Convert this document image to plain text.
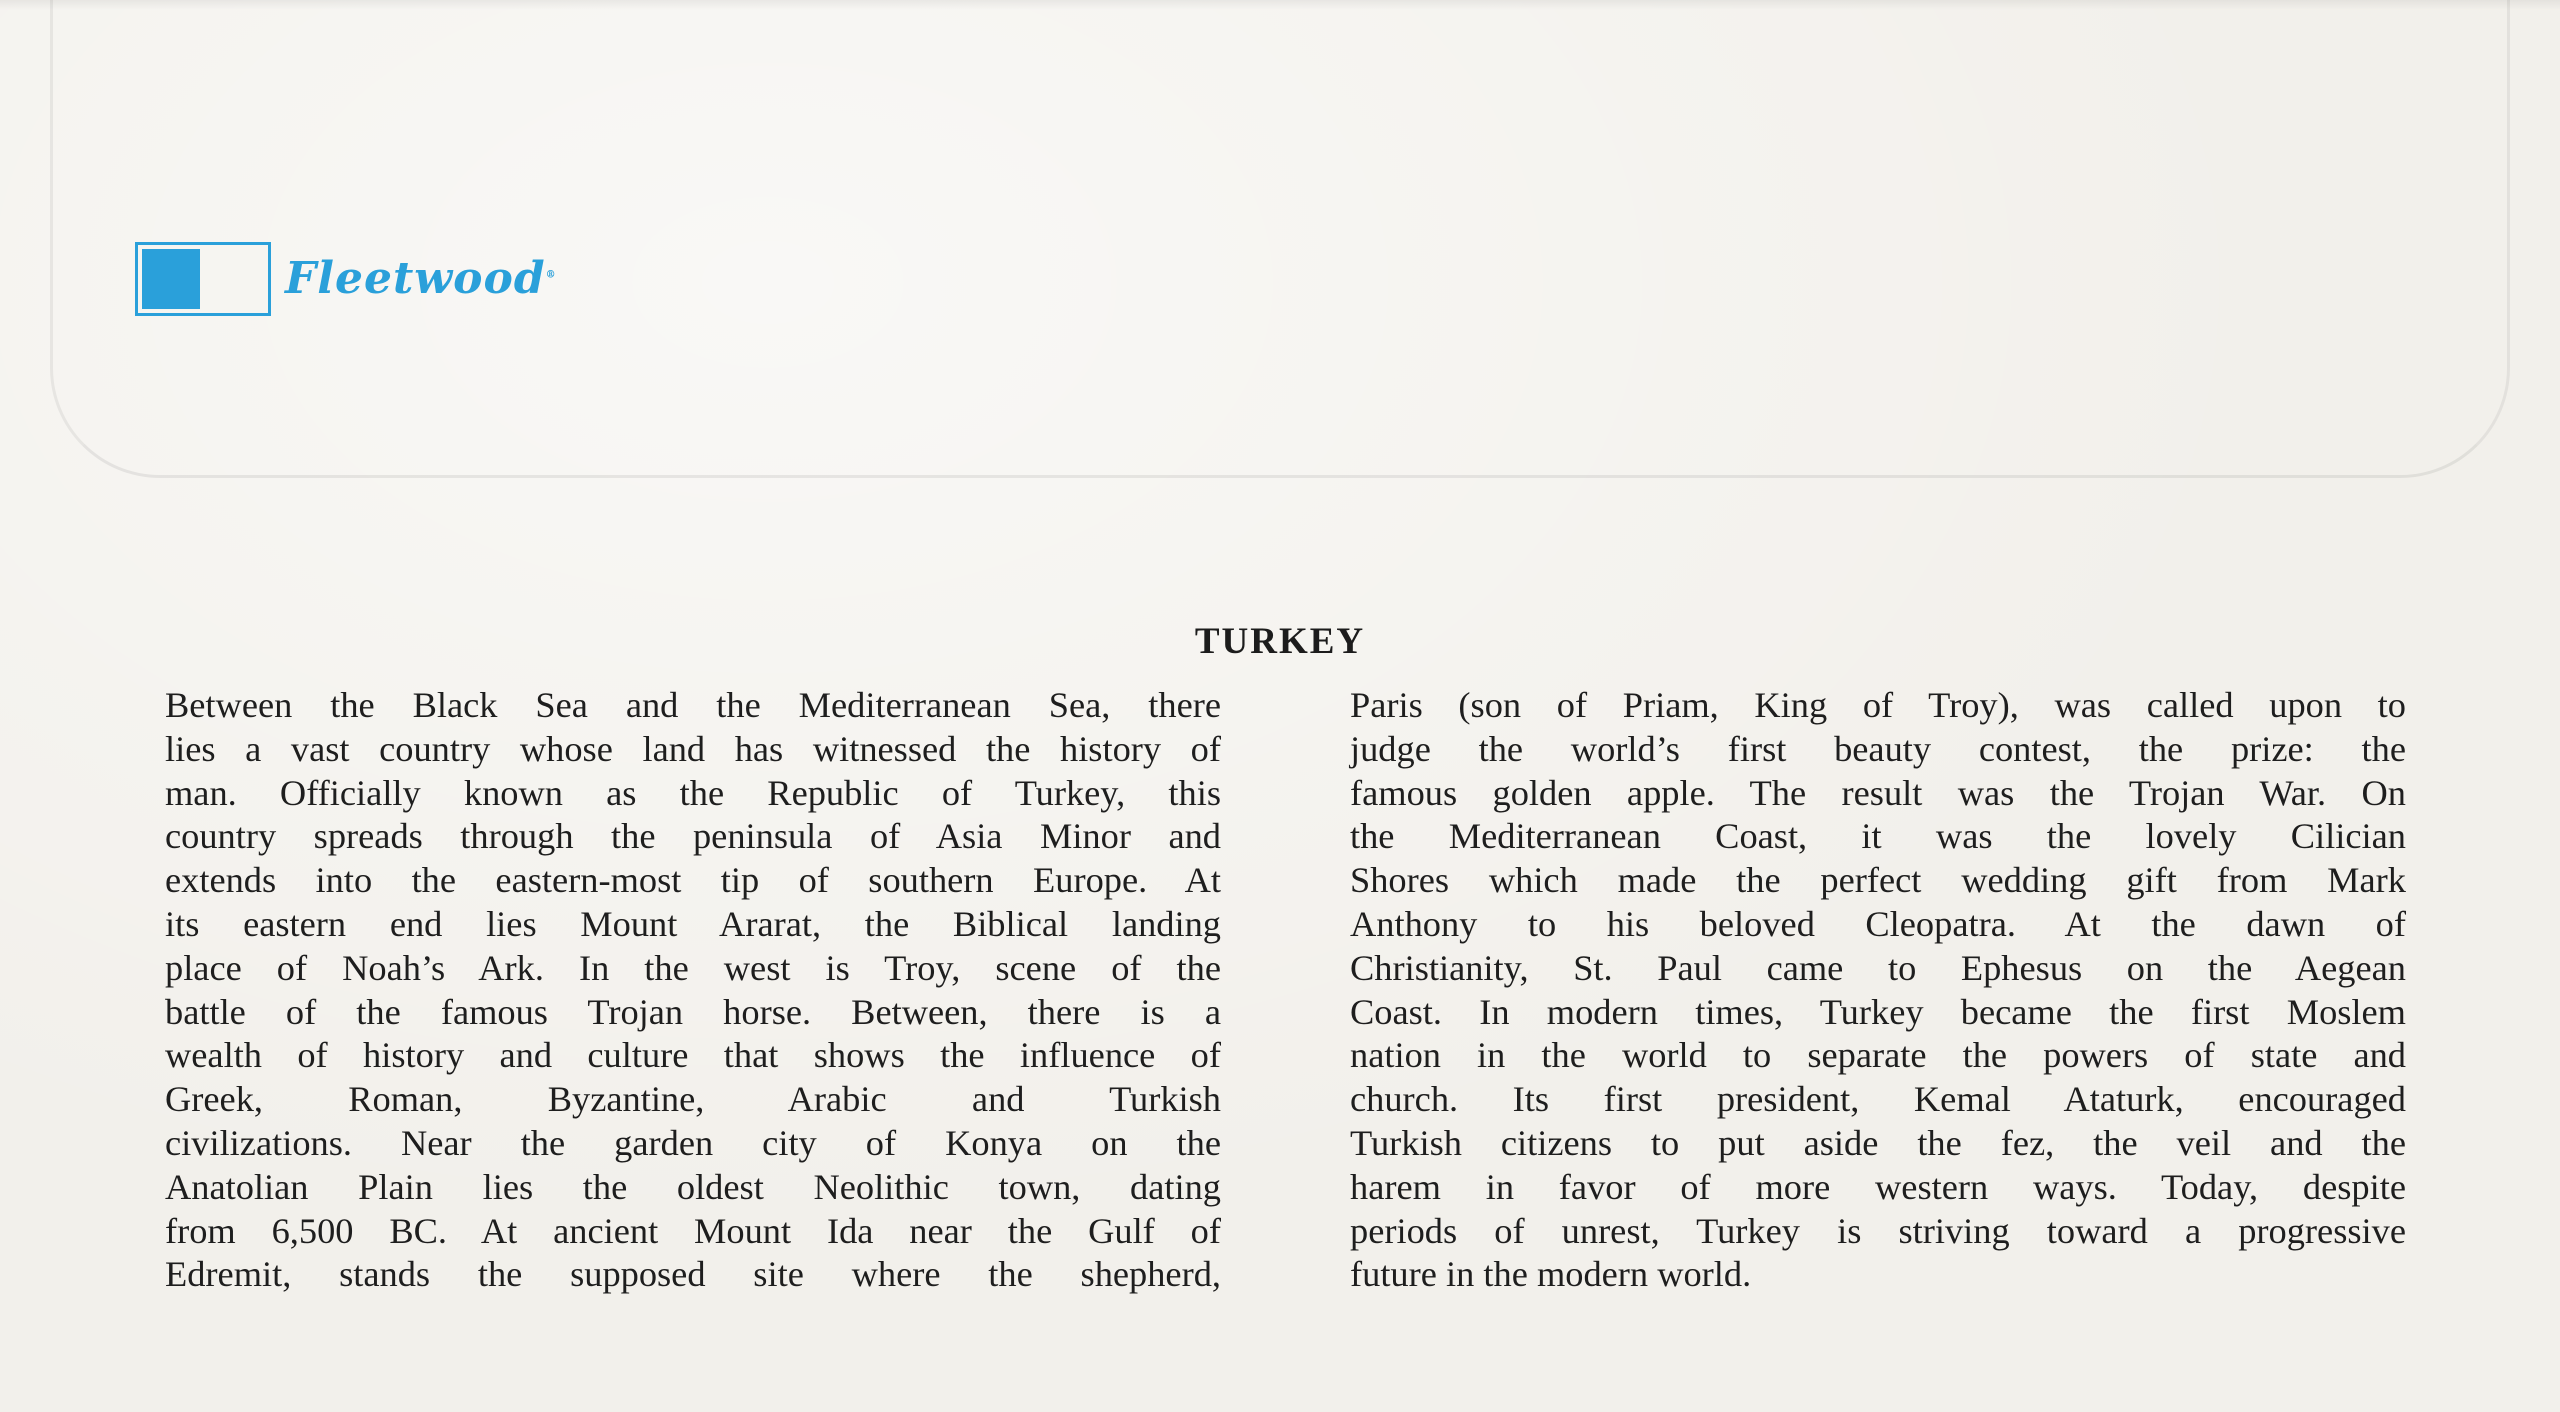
Fleetwood®
TURKEY
Between the Black Sea and the Mediterranean Sea, there
lies a vast country whose land has witnessed the history of
man. Officially known as the Republic of Turkey, this
country spreads through the peninsula of Asia Minor and
extends into the eastern-most tip of southern Europe. At
its eastern end lies Mount Ararat, the Biblical landing
place of Noah’s Ark. In the west is Troy, scene of the
battle of the famous Trojan horse. Between, there is a
wealth of history and culture that shows the influence of
Greek, Roman, Byzantine, Arabic and Turkish
civilizations. Near the garden city of Konya on the
Anatolian Plain lies the oldest Neolithic town, dating
from 6,500 BC. At ancient Mount Ida near the Gulf of
Edremit, stands the supposed site where the shepherd,
Paris (son of Priam, King of Troy), was called upon to
judge the world’s first beauty contest, the prize: the
famous golden apple. The result was the Trojan War. On
the Mediterranean Coast, it was the lovely Cilician
Shores which made the perfect wedding gift from Mark
Anthony to his beloved Cleopatra. At the dawn of
Christianity, St. Paul came to Ephesus on the Aegean
Coast. In modern times, Turkey became the first Moslem
nation in the world to separate the powers of state and
church. Its first president, Kemal Ataturk, encouraged
Turkish citizens to put aside the fez, the veil and the
harem in favor of more western ways. Today, despite
periods of unrest, Turkey is striving toward a progressive
future in the modern world.
